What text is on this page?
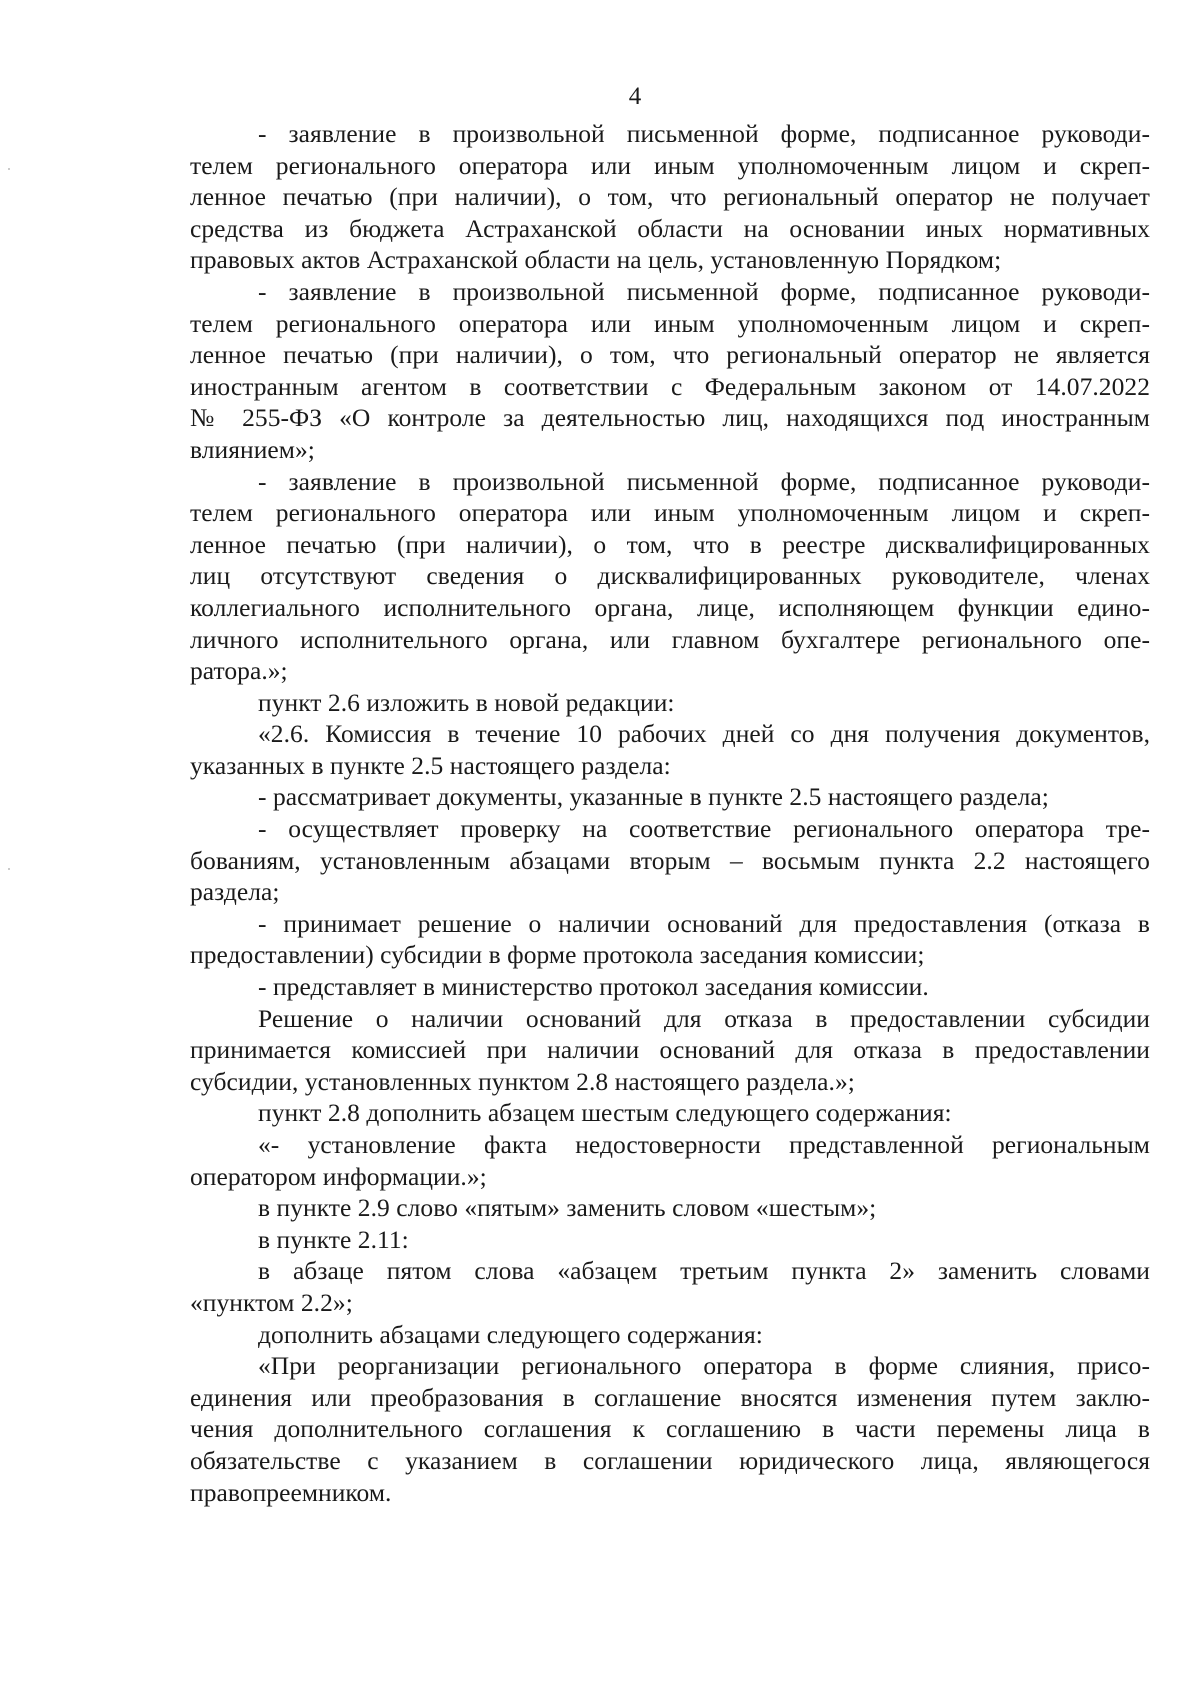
4
- заявление в произвольной письменной форме, подписанное руководи-
телем регионального оператора или иным уполномоченным лицом и скреп-
ленное печатью (при наличии), о том, что региональный оператор не получает
средства из бюджета Астраханской области на основании иных нормативных
правовых актов Астраханской области на цель, установленную Порядком;
- заявление в произвольной письменной форме, подписанное руководи-
телем регионального оператора или иным уполномоченным лицом и скреп-
ленное печатью (при наличии), о том, что региональный оператор не является
иностранным агентом в соответствии с Федеральным законом от 14.07.2022
№ 255-ФЗ «О контроле за деятельностью лиц, находящихся под иностранным
влиянием»;
- заявление в произвольной письменной форме, подписанное руководи-
телем регионального оператора или иным уполномоченным лицом и скреп-
ленное печатью (при наличии), о том, что в реестре дисквалифицированных
лиц отсутствуют сведения о дисквалифицированных руководителе, членах
коллегиального исполнительного органа, лице, исполняющем функции едино-
личного исполнительного органа, или главном бухгалтере регионального опе-
ратора.»;
пункт 2.6 изложить в новой редакции:
«2.6. Комиссия в течение 10 рабочих дней со дня получения документов,
указанных в пункте 2.5 настоящего раздела:
- рассматривает документы, указанные в пункте 2.5 настоящего раздела;
- осуществляет проверку на соответствие регионального оператора тре-
бованиям, установленным абзацами вторым – восьмым пункта 2.2 настоящего
раздела;
- принимает решение о наличии оснований для предоставления (отказа в
предоставлении) субсидии в форме протокола заседания комиссии;
- представляет в министерство протокол заседания комиссии.
Решение о наличии оснований для отказа в предоставлении субсидии
принимается комиссией при наличии оснований для отказа в предоставлении
субсидии, установленных пунктом 2.8 настоящего раздела.»;
пункт 2.8 дополнить абзацем шестым следующего содержания:
«- установление факта недостоверности представленной региональным
оператором информации.»;
в пункте 2.9 слово «пятым» заменить словом «шестым»;
в пункте 2.11:
в абзаце пятом слова «абзацем третьим пункта 2» заменить словами
«пунктом 2.2»;
дополнить абзацами следующего содержания:
«При реорганизации регионального оператора в форме слияния, присо-
единения или преобразования в соглашение вносятся изменения путем заклю-
чения дополнительного соглашения к соглашению в части перемены лица в
обязательстве с указанием в соглашении юридического лица, являющегося
правопреемником.
